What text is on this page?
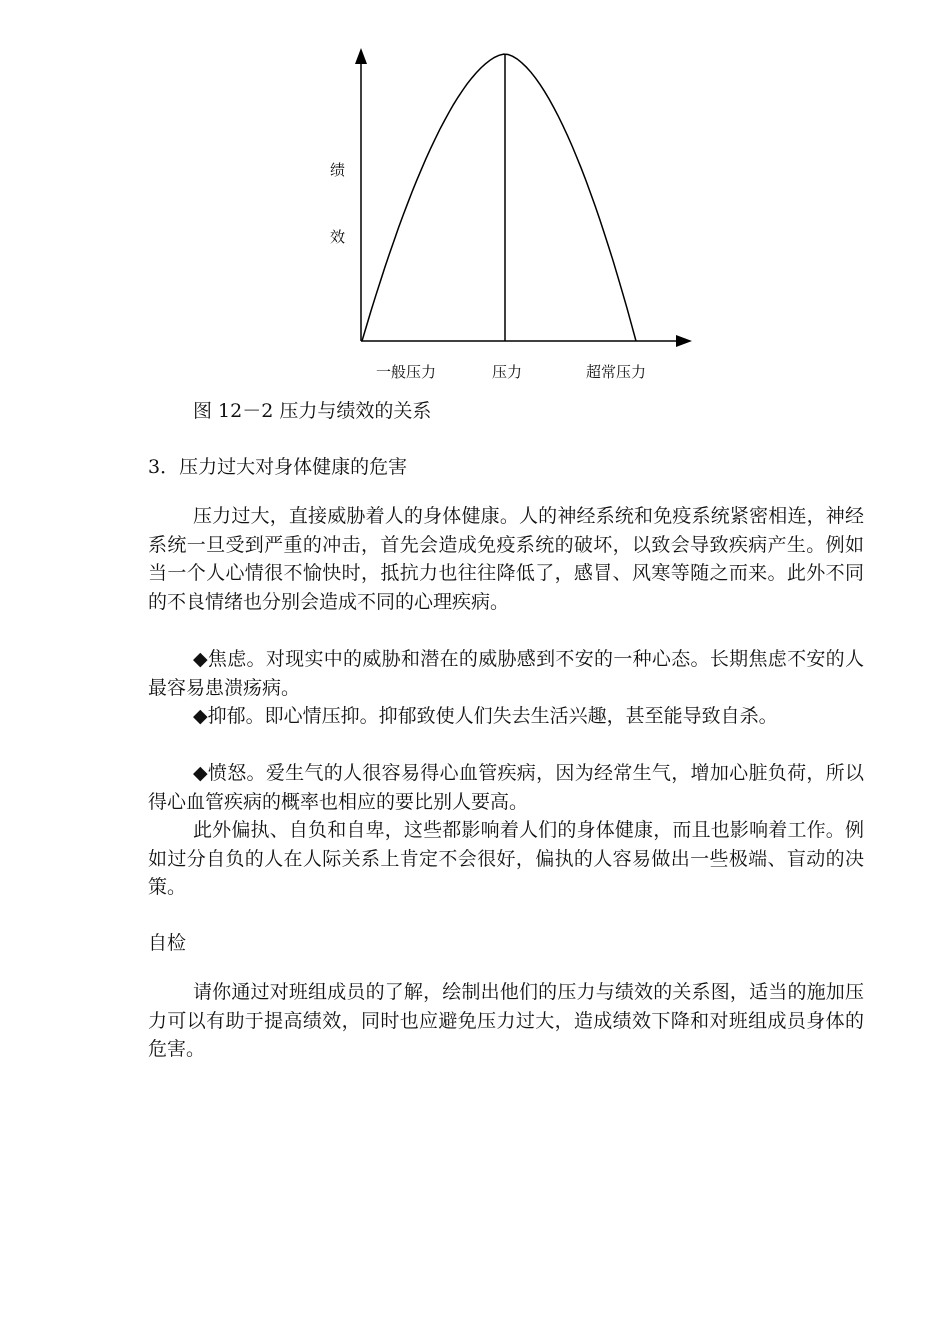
绩
效
一般压力	压力	超常压力
图 12－2 压力与绩效的关系
3．压力过大对身体健康的危害

压力过大，直接威胁着人的身体健康。人的神经系统和免疫系统紧密相连，神经系统一旦受到严重的冲击，首先会造成免疫系统的破坏，以致会导致疾病产生。例如当一个人心情很不愉快时，抵抗力也往往降低了，感冒、风寒等随之而来。此外不同的不良情绪也分别会造成不同的心理疾病。

◆焦虑。对现实中的威胁和潜在的威胁感到不安的一种心态。长期焦虑不安的人最容易患溃疡病。

◆抑郁。即心情压抑。抑郁致使人们失去生活兴趣，甚至能导致自杀。

◆愤怒。爱生气的人很容易得心血管疾病，因为经常生气，增加心脏负荷，所以得心血管疾病的概率也相应的要比别人要高。

此外偏执、自负和自卑，这些都影响着人们的身体健康，而且也影响着工作。例如过分自负的人在人际关系上肯定不会很好，偏执的人容易做出一些极端、盲动的决策。

自检

请你通过对班组成员的了解，绘制出他们的压力与绩效的关系图，适当的施加压力可以有助于提高绩效，同时也应避免压力过大，造成绩效下降和对班组成员身体的危害。
